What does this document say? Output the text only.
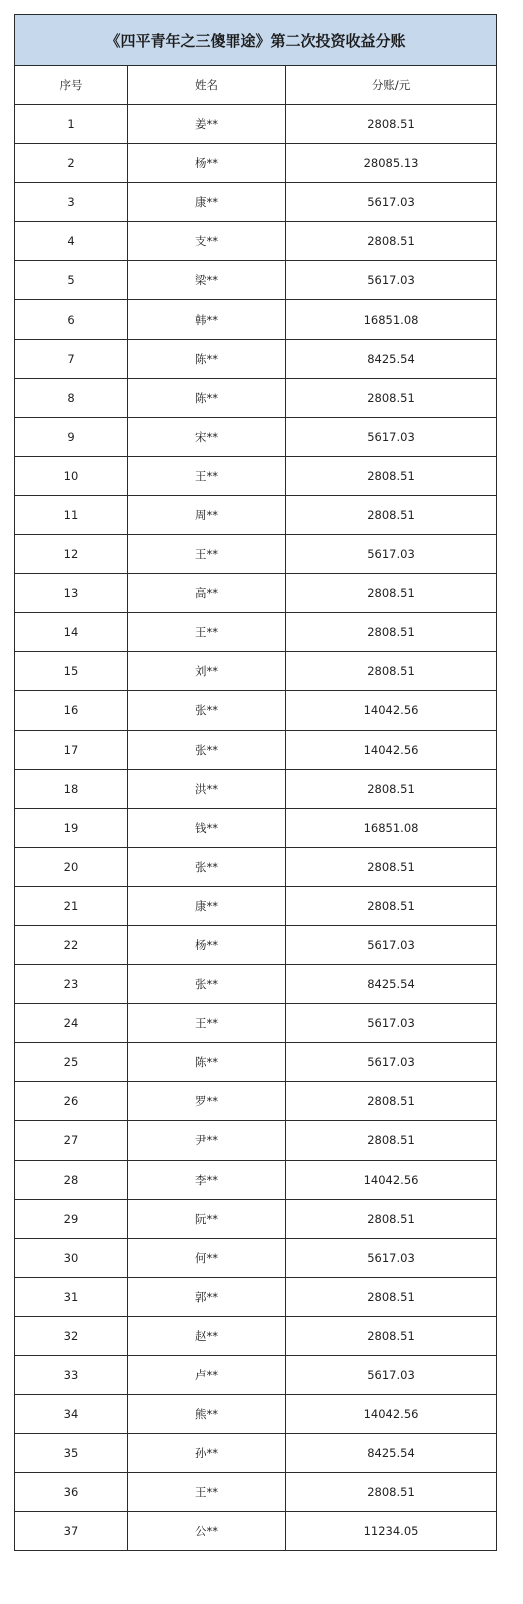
《四平青年之三傻罪途》第二次投资收益分账		
序号	姓名	分账/元
1	姜**	2808.51
2	杨**	28085.13
3	康**	5617.03
4	支**	2808.51
5	梁**	5617.03
6	韩**	16851.08
7	陈**	8425.54
8	陈**	2808.51
9	宋**	5617.03
10	王**	2808.51
11	周**	2808.51
12	王**	5617.03
13	高**	2808.51
14	王**	2808.51
15	刘**	2808.51
16	张**	14042.56
17	张**	14042.56
18	洪**	2808.51
19	钱**	16851.08
20	张**	2808.51
21	康**	2808.51
22	杨**	5617.03
23	张**	8425.54
24	王**	5617.03
25	陈**	5617.03
26	罗**	2808.51
27	尹**	2808.51
28	李**	14042.56
29	阮**	2808.51
30	何**	5617.03
31	郭**	2808.51
32	赵**	2808.51
33	卢**	5617.03
34	熊**	14042.56
35	孙**	8425.54
36	王**	2808.51
37	公**	11234.05
